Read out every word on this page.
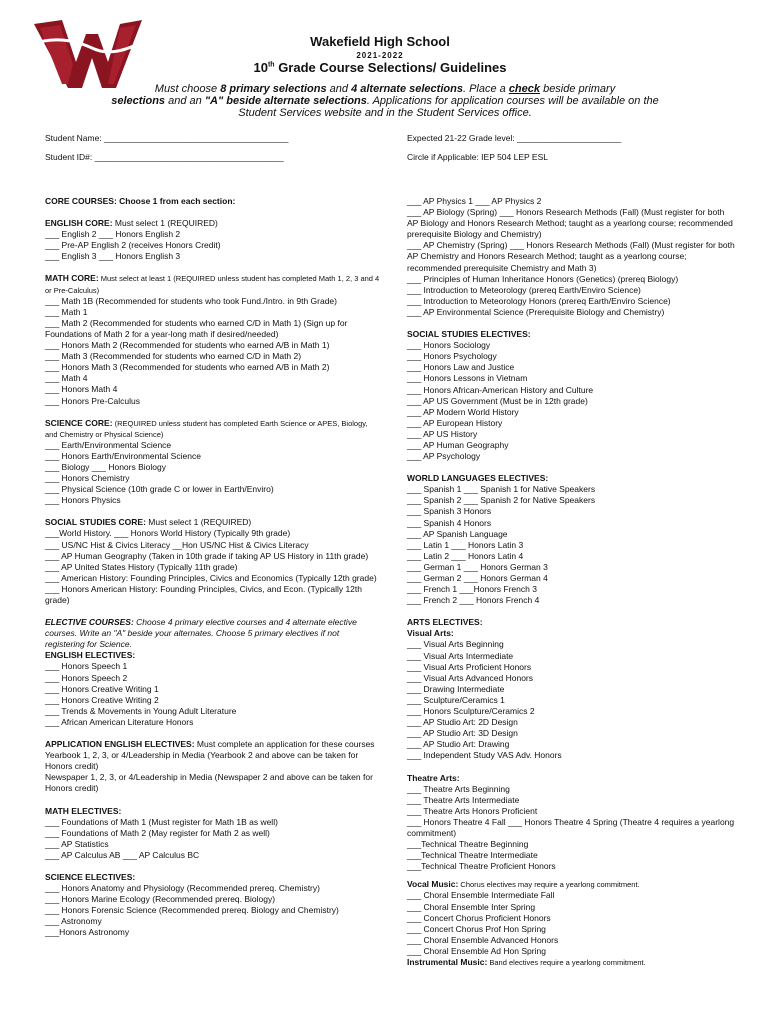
Wakefield High School
2021-2022
10th Grade Course Selections/ Guidelines
Must choose 8 primary selections and 4 alternate selections. Place a check beside primary
selections and an "A" beside alternate selections. Applications for application courses will be available on the
Student Services website and in the Student Services office.
Student Name: _______________________________________
Student ID#: ________________________________________
Expected 21-22 Grade level: ______________________
Circle if Applicable: IEP 504 LEP ESL
CORE COURSES: Choose 1 from each section:
ENGLISH CORE: Must select 1 (REQUIRED)
___ English 2 ___ Honors English 2
___ Pre-AP English 2 (receives Honors Credit)
___ English 3 ___ Honors English 3
MATH CORE: Must select at least 1 (REQUIRED unless student has completed Math 1, 2, 3 and 4 or Pre-Calculus)
___ Math 1B (Recommended for students who took Fund./Intro. in 9th Grade)
___ Math 1
___ Math 2 (Recommended for students who earned C/D in Math 1) (Sign up for Foundations of Math 2 for a year-long math if desired/needed)
___ Honors Math 2 (Recommended for students who earned A/B in Math 1)
___ Math 3 (Recommended for students who earned C/D in Math 2)
___ Honors Math 3 (Recommended for students who earned A/B in Math 2)
___ Math 4
___ Honors Math 4
___ Honors Pre-Calculus
SCIENCE CORE: (REQUIRED unless student has completed Earth Science or APES, Biology, and Chemistry or Physical Science)
___ Earth/Environmental Science
___ Honors Earth/Environmental Science
___ Biology ___ Honors Biology
___ Honors Chemistry
___ Physical Science (10th grade C or lower in Earth/Enviro)
___ Honors Physics
SOCIAL STUDIES CORE: Must select 1 (REQUIRED)
___World History. ___ Honors World History (Typically 9th grade)
___ US/NC Hist & Civics Literacy __Hon US/NC Hist & Civics Literacy
___ AP Human Geography (Taken in 10th grade if taking AP US History in 11th grade)
___ AP United States History (Typically 11th grade)
___ American History: Founding Principles, Civics and Economics (Typically 12th grade)
___ Honors American History: Founding Principles, Civics, and Econ. (Typically 12th grade)
ELECTIVE COURSES: Choose 4 primary elective courses and 4 alternate elective courses. Write an "A" beside your alternates. Choose 5 primary electives if not registering for Science.
ENGLISH ELECTIVES:
___ Honors Speech 1
___ Honors Speech 2
___ Honors Creative Writing 1
___ Honors Creative Writing 2
___ Trends & Movements in Young Adult Literature
___ African American Literature Honors
APPLICATION ENGLISH ELECTIVES: Must complete an application for these courses
Yearbook 1, 2, 3, or 4/Leadership in Media (Yearbook 2 and above can be taken for Honors credit)
Newspaper 1, 2, 3, or 4/Leadership in Media (Newspaper 2 and above can be taken for Honors credit)
MATH ELECTIVES:
___ Foundations of Math 1 (Must register for Math 1B as well)
___ Foundations of Math 2 (May register for Math 2 as well)
___ AP Statistics
___ AP Calculus AB ___ AP Calculus BC
SCIENCE ELECTIVES:
___ Honors Anatomy and Physiology (Recommended prereq. Chemistry)
___ Honors Marine Ecology (Recommended prereq. Biology)
___ Honors Forensic Science (Recommended prereq. Biology and Chemistry)
___ Astronomy
___Honors Astronomy
___ AP Physics 1 ___ AP Physics 2
___ AP Biology (Spring) ___ Honors Research Methods (Fall) (Must register for both AP Biology and Honors Research Method; taught as a yearlong course; recommended prerequisite Biology and Chemistry)
___ AP Chemistry (Spring) ___ Honors Research Methods (Fall) (Must register for both AP Chemistry and Honors Research Method; taught as a yearlong course; recommended prerequisite Chemistry and Math 3)
___ Principles of Human Inheritance Honors (Genetics) (prereq Biology)
___ Introduction to Meteorology (prereq Earth/Enviro Science)
___ Introduction to Meteorology Honors (prereq Earth/Enviro Science)
___ AP Environmental Science (Prerequisite Biology and Chemistry)
SOCIAL STUDIES ELECTIVES:
___ Honors Sociology
___ Honors Psychology
___ Honors Law and Justice
___ Honors Lessons in Vietnam
___ Honors African-American History and Culture
___ AP US Government (Must be in 12th grade)
___ AP Modern World History
___ AP European History
___ AP US History
___ AP Human Geography
___ AP Psychology
WORLD LANGUAGES ELECTIVES:
___ Spanish 1 ___ Spanish 1 for Native Speakers
___ Spanish 2 ___ Spanish 2 for Native Speakers
___ Spanish 3 Honors
___ Spanish 4 Honors
___ AP Spanish Language
___ Latin 1 ___ Honors Latin 3
___ Latin 2 ___ Honors Latin 4
___ German 1 ___ Honors German 3
___ German 2 ___ Honors German 4
___ French 1 ___Honors French 3
___ French 2 ___ Honors French 4
ARTS ELECTIVES:
Visual Arts:
___ Visual Arts Beginning
___ Visual Arts Intermediate
___ Visual Arts Proficient Honors
___ Visual Arts Advanced Honors
___ Drawing Intermediate
___ Sculpture/Ceramics 1
___ Honors Sculpture/Ceramics 2
___ AP Studio Art: 2D Design
___ AP Studio Art: 3D Design
___ AP Studio Art: Drawing
___ Independent Study VAS Adv. Honors
Theatre Arts:
___ Theatre Arts Beginning
___ Theatre Arts Intermediate
___ Theatre Arts Honors Proficient
___ Honors Theatre 4 Fall ___ Honors Theatre 4 Spring (Theatre 4 requires a yearlong commitment)
___Technical Theatre Beginning
___Technical Theatre Intermediate
___Technical Theatre Proficient Honors
Vocal Music: Chorus electives may require a yearlong commitment.
___ Choral Ensemble Intermediate Fall
___ Choral Ensemble Inter Spring
___ Concert Chorus Proficient Honors
___ Concert Chorus Prof Hon Spring
___ Choral Ensemble Advanced Honors
___ Choral Ensemble Ad Hon Spring
Instrumental Music: Band electives require a yearlong commitment.
